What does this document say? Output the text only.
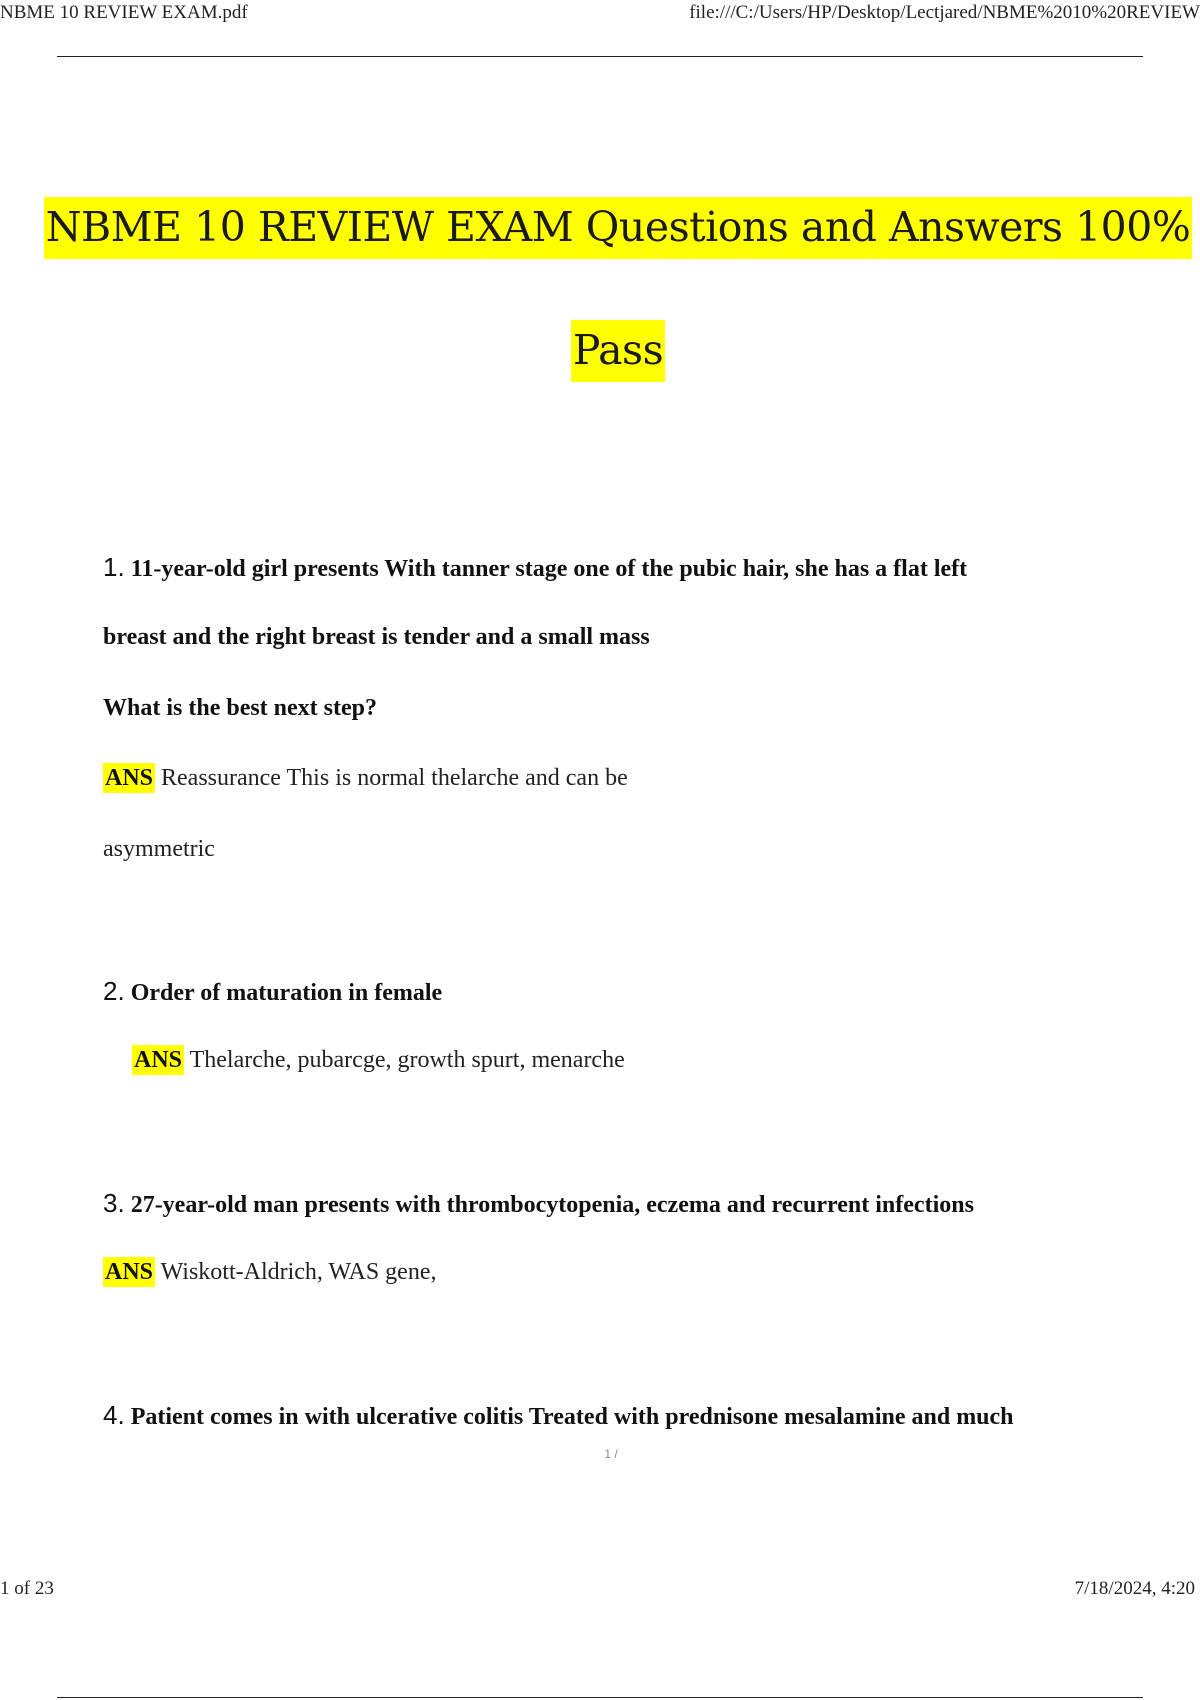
NBME 10 REVIEW EXAM.pdf	file:///C:/Users/HP/Desktop/Lectjared/NBME%2010%20REVIEW
NBME 10 REVIEW EXAM Questions and Answers 100%
Pass
1. 11-year-old girl presents With tanner stage one of the pubic hair, she has a flat left
breast and the right breast is tender and a small mass
What is the best next step?
ANS Reassurance This is normal thelarche and can be
asymmetric
2. Order of maturation in female
ANS Thelarche, pubarcge, growth spurt, menarche
3. 27-year-old man presents with thrombocytopenia, eczema and recurrent infections
ANS Wiskott-Aldrich, WAS gene,
4. Patient comes in with ulcerative colitis Treated with prednisone mesalamine and much
1 /
1 of 23	7/18/2024, 4:20
